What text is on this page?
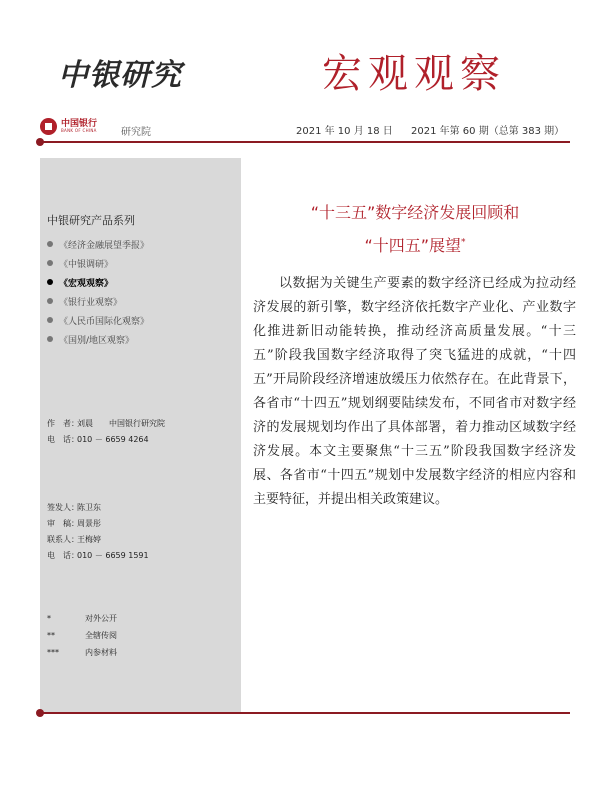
中银研究	宏观观察
中国银行
BANK OF CHINA 研究院	2021 年 10 月 18 日 2021 年第 60 期（总第 383 期）
中银研究产品系列
《经济金融展望季报》
《中银调研》
《宏观观察》
《银行业观察》
《人民币国际化观察》
《国别/地区观察》
作　者：刘晨 中国银行研究院
电　话：010 － 6659 4264
签发人：陈卫东
审　稿：周景彤
联系人：王梅婷
电　话：010 － 6659 1591
*	对外公开
**	全辖传阅
***	内参材料
“十三五”数字经济发展回顾和
“十四五”展望*

以数据为关键生产要素的数字经济已经成为拉动经济发展的新引擎，数字经济依托数字产业化、产业数字化推进新旧动能转换，推动经济高质量发展。“十三五”阶段我国数字经济取得了突飞猛进的成就，“十四五”开局阶段经济增速放缓压力依然存在。在此背景下，各省市“十四五”规划纲要陆续发布，不同省市对数字经济的发展规划均作出了具体部署，着力推动区域数字经济发展。本文主要聚焦“十三五”阶段我国数字经济发展、各省市“十四五”规划中发展数字经济的相应内容和主要特征，并提出相关政策建议。
